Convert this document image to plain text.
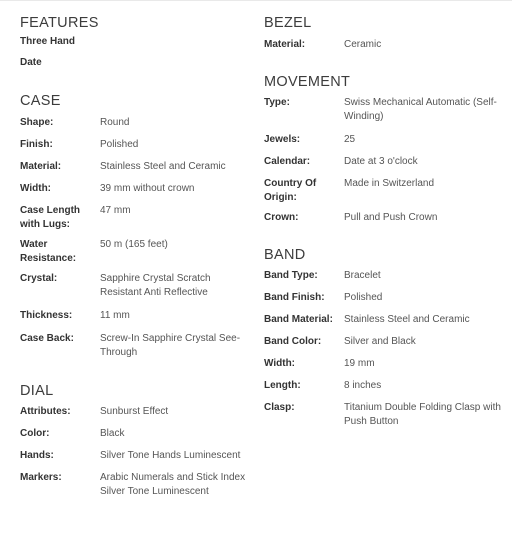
FEATURES
Three Hand
Date
CASE
Shape:	Round
Finish:	Polished
Material:	Stainless Steel and Ceramic
Width:	39 mm without crown
Case Length with Lugs:
47 mm
Water Resistance:
50 m (165 feet)
Crystal:	Sapphire Crystal Scratch Resistant Anti Reflective
Thickness:	11 mm
Case Back:	Screw-In Sapphire Crystal See-Through
DIAL
Attributes:	Sunburst Effect
Color:	Black
Hands:	Silver Tone Hands Luminescent
Markers:	Arabic Numerals and Stick Index Silver Tone Luminescent
BEZEL
Material:	Ceramic
MOVEMENT
Type:	Swiss Mechanical Automatic (Self-Winding)
Jewels:	25
Calendar:	Date at 3 o'clock
Country Of Origin:
Made in Switzerland
Crown:	Pull and Push Crown
BAND
Band Type:	Bracelet
Band Finish:	Polished
Band Material:	Stainless Steel and Ceramic
Band Color:	Silver and Black
Width:	19 mm
Length:	8 inches
Clasp:	Titanium Double Folding Clasp with Push Button
